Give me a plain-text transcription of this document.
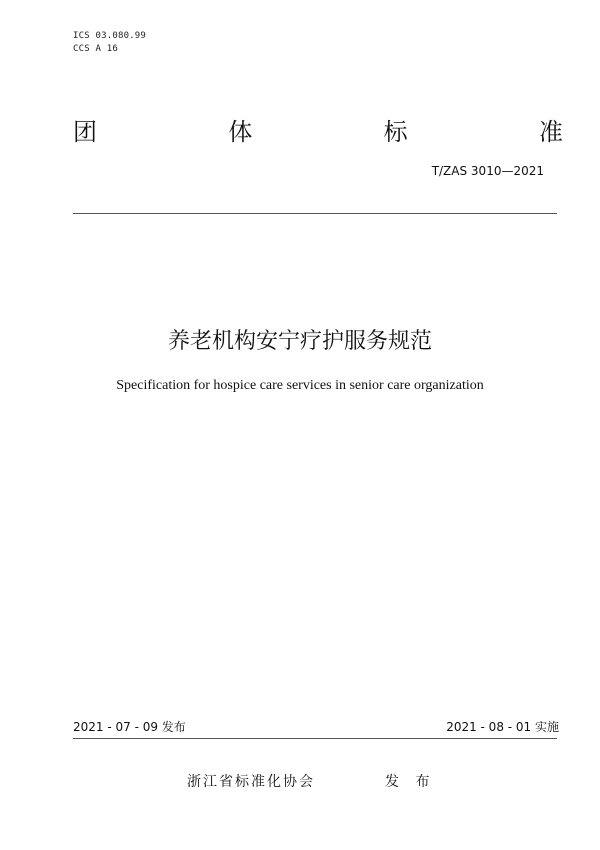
ICS 03.080.99
CCS A 16
团	体	标	准
T/ZAS 3010—2021
养老机构安宁疗护服务规范
Specification for hospice care services in senior care organization
2021 - 07 - 09 发布	2021 - 08 - 01 实施
浙江省标准化协会	发 布
